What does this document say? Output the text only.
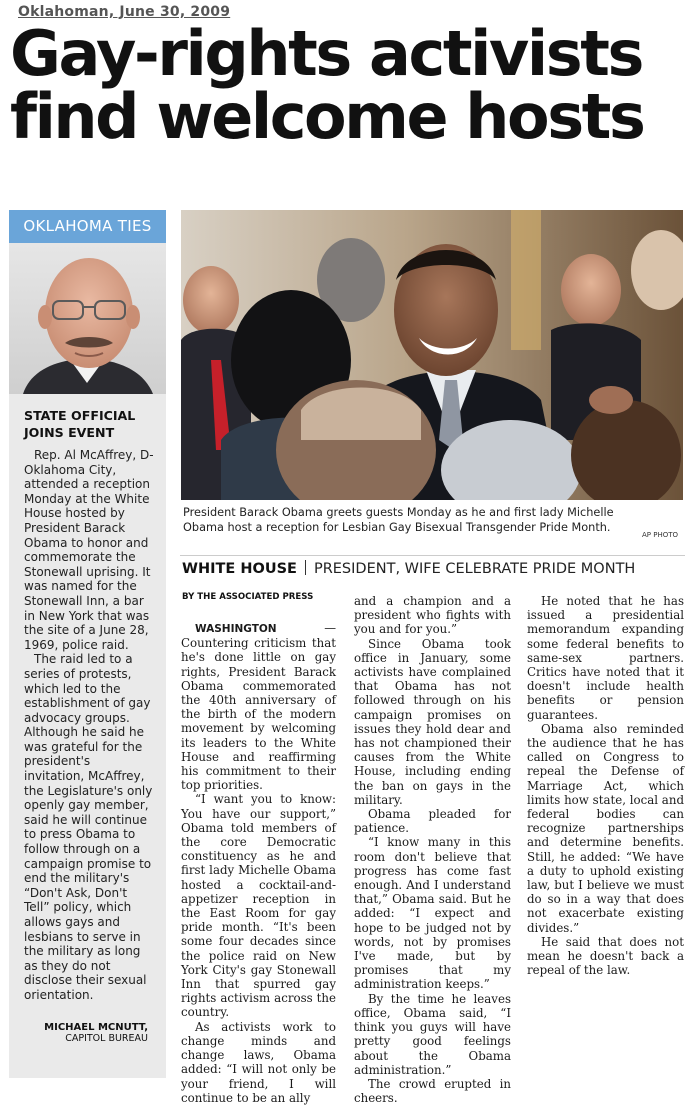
Oklahoman, June 30, 2009
Gay-rights activists
find welcome hosts
OKLAHOMA TIES
STATE OFFICIAL JOINS EVENT

Rep. Al McAffrey, D-Oklahoma City, attended a reception Monday at the White House hosted by President Barack Obama to honor and commemorate the Stonewall uprising. It was named for the Stonewall Inn, a bar in New York that was the site of a June 28, 1969, police raid.

The raid led to a series of protests, which led to the establishment of gay advocacy groups. Although he said he was grateful for the president's invitation, McAffrey, the Legislature's only openly gay member, said he will continue to press Obama to follow through on a campaign promise to end the military's “Don't Ask, Don't Tell” policy, which allows gays and lesbians to serve in the military as long as they do not disclose their sexual orientation.

MICHAEL MCNUTT,
CAPITOL BUREAU
President Barack Obama greets guests Monday as he and first lady Michelle Obama host a reception for Lesbian Gay Bisexual Transgender Pride Month.
AP PHOTO
WHITE HOUSE PRESIDENT, WIFE CELEBRATE PRIDE MONTH
BY THE ASSOCIATED PRESS

WASHINGTON	— Countering criticism that he's done little on gay rights, President Barack Obama commemorated the 40th anniversary of the birth of the modern movement by welcoming its leaders to the White House and reaffirming his commitment to their top priorities.

“I want you to know: You have our support,” Obama told members of the core Democratic constituency as he and first lady Michelle Obama hosted a cocktail-and-appetizer reception in the East Room for gay pride month. “It's been some four decades since the police raid on New York City's gay Stonewall Inn that spurred gay rights activism across the country.

As activists work to change minds and change laws, Obama added: “I will not only be your friend, I will continue to be an ally

and a champion and a president who fights with you and for you.”

Since Obama took office in January, some activists have complained that Obama has not followed through on his campaign promises on issues they hold dear and has not championed their causes from the White House, including ending the ban on gays in the military.

Obama pleaded for patience.

“I know many in this room don't believe that progress has come fast enough. And I understand that,” Obama said. But he added: “I expect and hope to be judged not by words, not by promises I've made, but by promises that my administration keeps.”

By the time he leaves office, Obama said, “I think you guys will have pretty good feelings about the Obama administration.”

The crowd erupted in cheers.

He noted that he has issued a presidential memorandum expanding some federal benefits to same-sex partners. Critics have noted that it doesn't include health benefits or pension guarantees.

Obama also reminded the audience that he has called on Congress to repeal the Defense of Marriage Act, which limits how state, local and federal bodies can recognize partnerships and determine benefits. Still, he added: “We have a duty to uphold existing law, but I believe we must do so in a way that does not exacerbate existing divides.”

He said that does not mean he doesn't back a repeal of the law.
